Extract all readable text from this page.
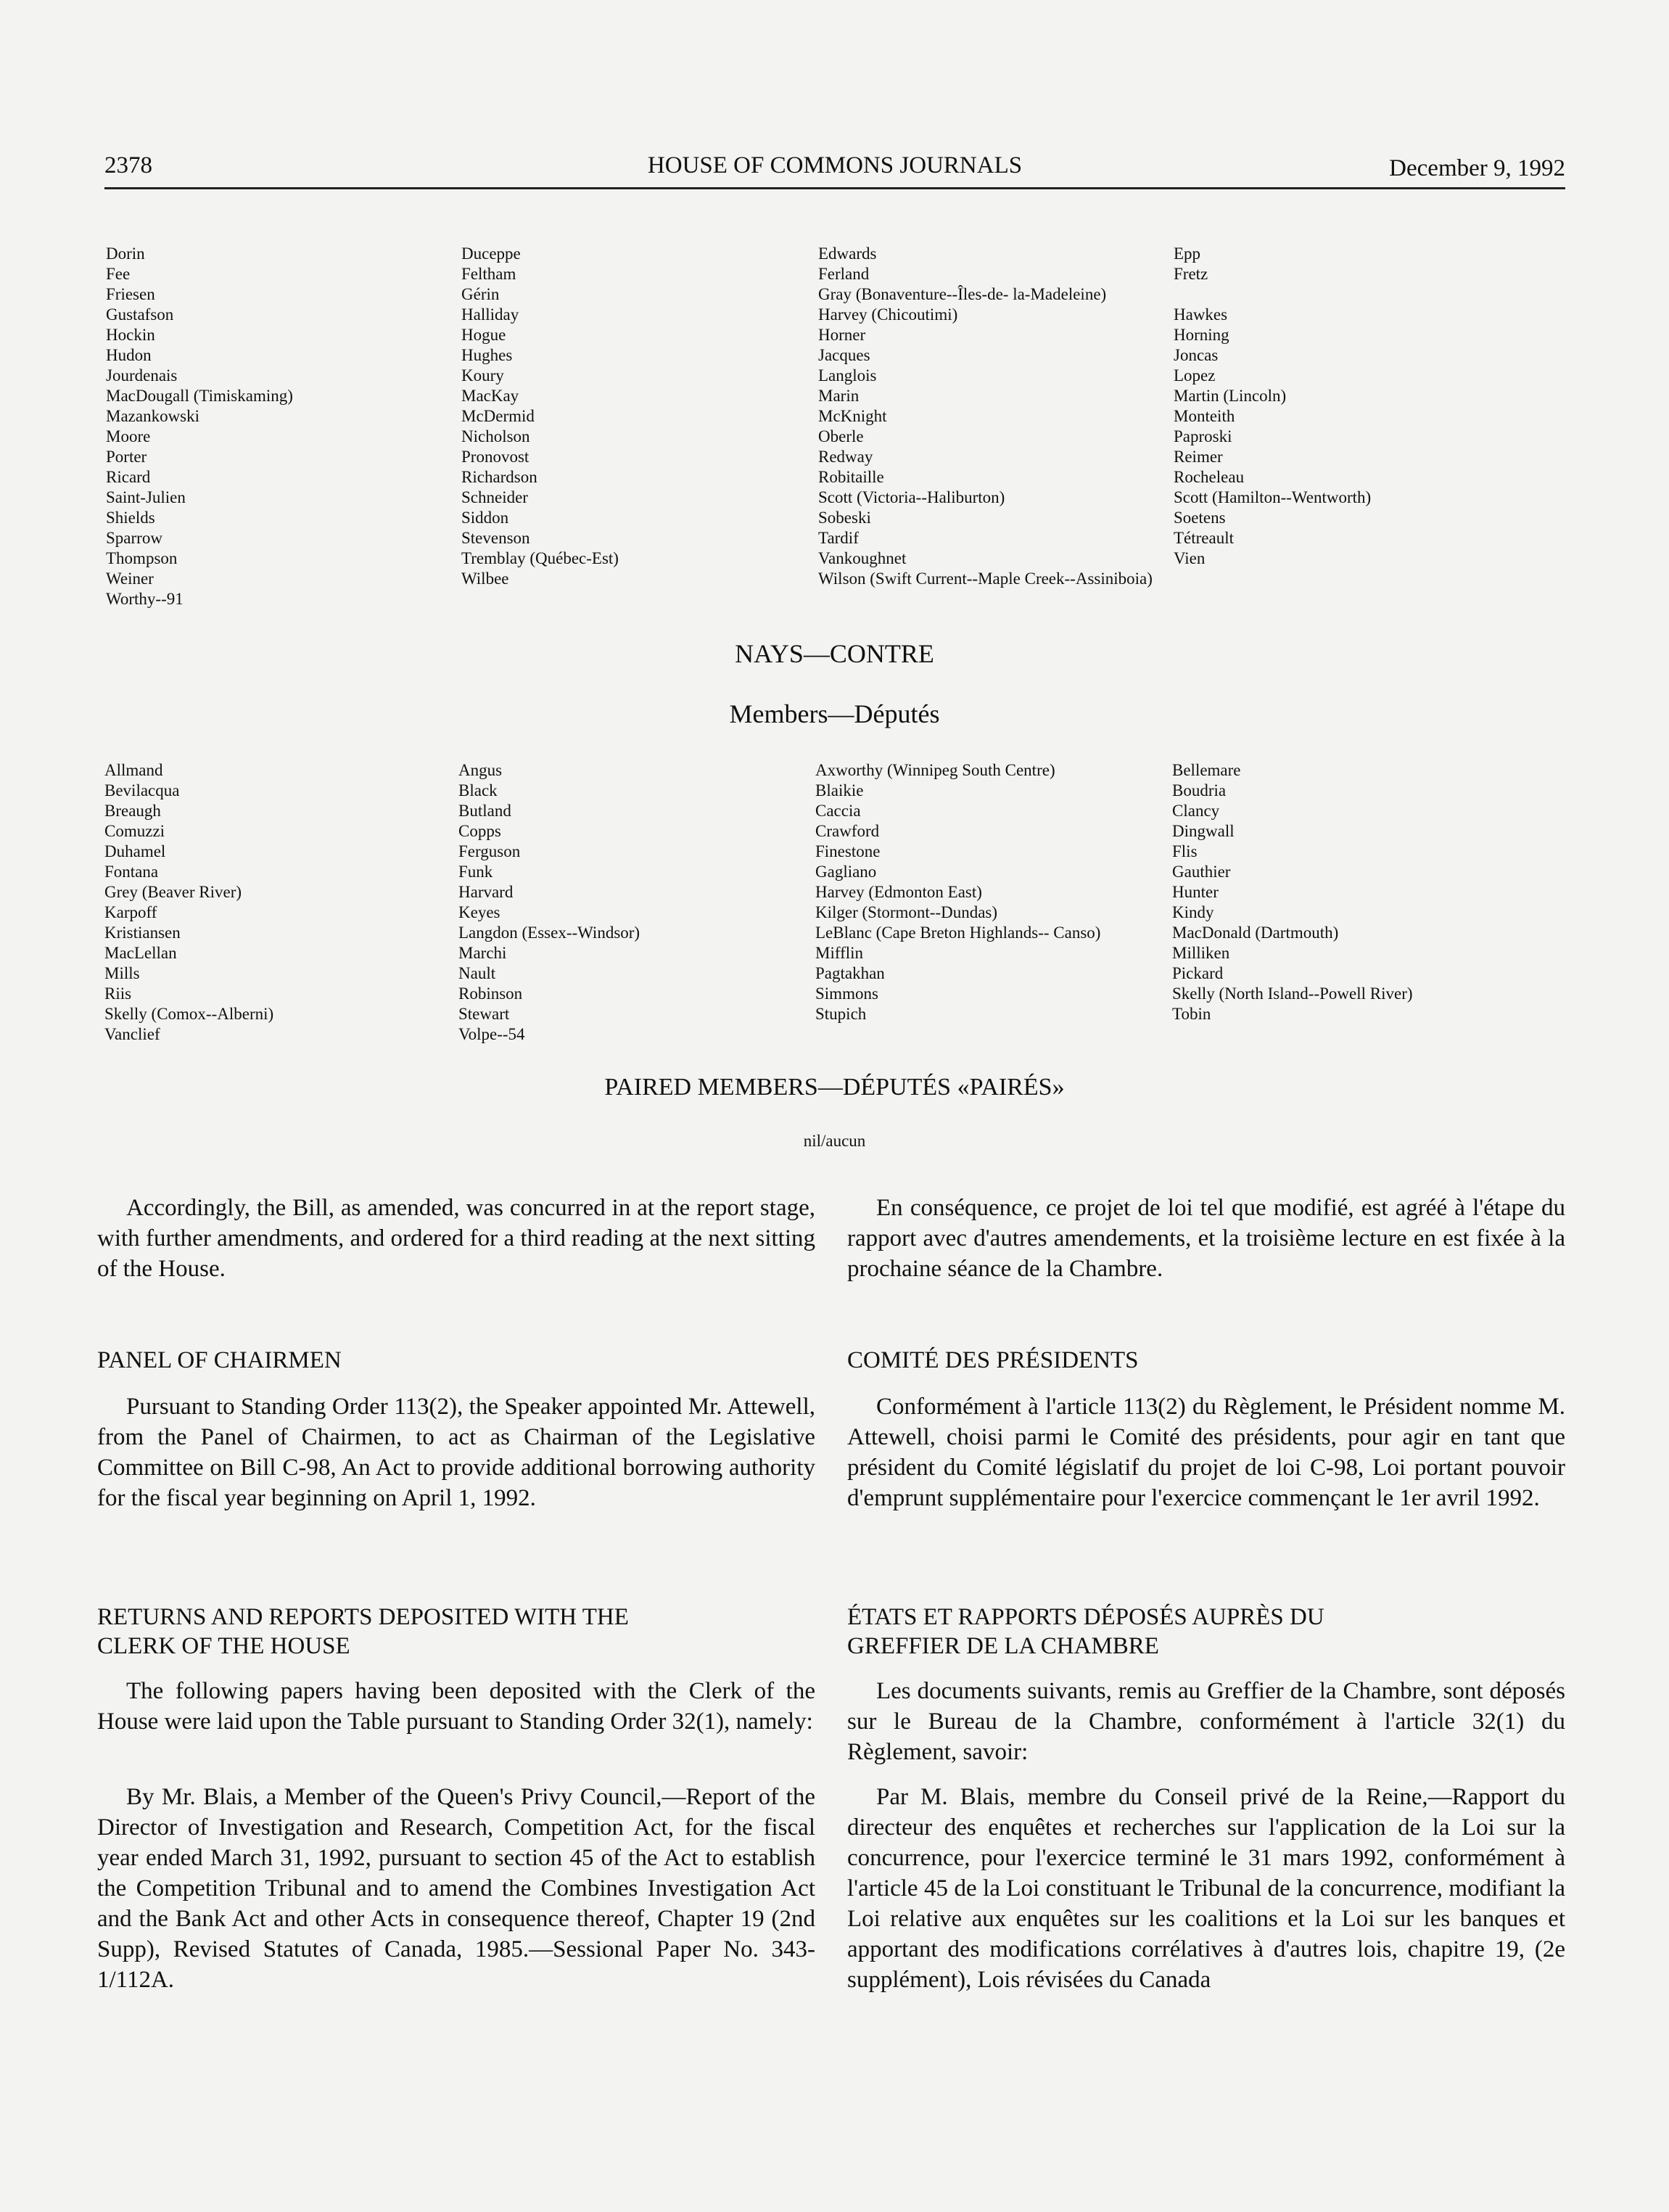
2378	HOUSE OF COMMONS JOURNALS	December 9, 1992
Dorin
Fee
Friesen
Gustafson
Hockin
Hudon
Jourdenais
MacDougall (Timiskaming)
Mazankowski
Moore
Porter
Ricard
Saint-Julien
Shields
Sparrow
Thompson
Weiner
Worthy--91
Duceppe
Feltham
Gérin
Halliday
Hogue
Hughes
Koury
MacKay
McDermid
Nicholson
Pronovost
Richardson
Schneider
Siddon
Stevenson
Tremblay (Québec-Est)
Wilbee
Edwards
Ferland
Gray (Bonaventure--Îles-de- la-Madeleine)
Harvey (Chicoutimi)
Horner
Jacques
Langlois
Marin
McKnight
Oberle
Redway
Robitaille
Scott (Victoria--Haliburton)
Sobeski
Tardif
Vankoughnet
Wilson (Swift Current--Maple Creek--Assiniboia)
Epp
Fretz

Hawkes
Horning
Joncas
Lopez
Martin (Lincoln)
Monteith
Paproski
Reimer
Rocheleau
Scott (Hamilton--Wentworth)
Soetens
Tétreault
Vien
NAYS—CONTRE
Members—Députés
Allmand
Bevilacqua
Breaugh
Comuzzi
Duhamel
Fontana
Grey (Beaver River)
Karpoff
Kristiansen
MacLellan
Mills
Riis
Skelly (Comox--Alberni)
Vanclief
Angus
Black
Butland
Copps
Ferguson
Funk
Harvard
Keyes
Langdon (Essex--Windsor)
Marchi
Nault
Robinson
Stewart
Volpe--54
Axworthy (Winnipeg South Centre)
Blaikie
Caccia
Crawford
Finestone
Gagliano
Harvey (Edmonton East)
Kilger (Stormont--Dundas)
LeBlanc (Cape Breton Highlands-- Canso)
Mifflin
Pagtakhan
Simmons
Stupich
Bellemare
Boudria
Clancy
Dingwall
Flis
Gauthier
Hunter
Kindy
MacDonald (Dartmouth)
Milliken
Pickard
Skelly (North Island--Powell River)
Tobin
PAIRED MEMBERS—DÉPUTÉS «PAIRÉS»
nil/aucun
Accordingly, the Bill, as amended, was concurred in at the report stage, with further amendments, and ordered for a third reading at the next sitting of the House.
PANEL OF CHAIRMEN
Pursuant to Standing Order 113(2), the Speaker appointed Mr. Attewell, from the Panel of Chairmen, to act as Chairman of the Legislative Committee on Bill C-98, An Act to provide additional borrowing authority for the fiscal year beginning on April 1, 1992.
RETURNS AND REPORTS DEPOSITED WITH THE
CLERK OF THE HOUSE
The following papers having been deposited with the Clerk of the House were laid upon the Table pursuant to Standing Order 32(1), namely:
By Mr. Blais, a Member of the Queen's Privy Council,—Report of the Director of Investigation and Research, Competition Act, for the fiscal year ended March 31, 1992, pursuant to section 45 of the Act to establish the Competition Tribunal and to amend the Combines Investigation Act and the Bank Act and other Acts in consequence thereof, Chapter 19 (2nd Supp), Revised Statutes of Canada, 1985.—Sessional Paper No. 343-1/112A.
En conséquence, ce projet de loi tel que modifié, est agréé à l'étape du rapport avec d'autres amendements, et la troisième lecture en est fixée à la prochaine séance de la Chambre.
COMITÉ DES PRÉSIDENTS
Conformément à l'article 113(2) du Règlement, le Président nomme M. Attewell, choisi parmi le Comité des présidents, pour agir en tant que président du Comité législatif du projet de loi C-98, Loi portant pouvoir d'emprunt supplémentaire pour l'exercice commençant le 1er avril 1992.
ÉTATS ET RAPPORTS DÉPOSÉS AUPRÈS DU
GREFFIER DE LA CHAMBRE
Les documents suivants, remis au Greffier de la Chambre, sont déposés sur le Bureau de la Chambre, conformément à l'article 32(1) du Règlement, savoir:
Par M. Blais, membre du Conseil privé de la Reine,—Rapport du directeur des enquêtes et recherches sur l'application de la Loi sur la concurrence, pour l'exercice terminé le 31 mars 1992, conformément à l'article 45 de la Loi constituant le Tribunal de la concurrence, modifiant la Loi relative aux enquêtes sur les coalitions et la Loi sur les banques et apportant des modifications corrélatives à d'autres lois, chapitre 19, (2e supplément), Lois révisées du Canada
